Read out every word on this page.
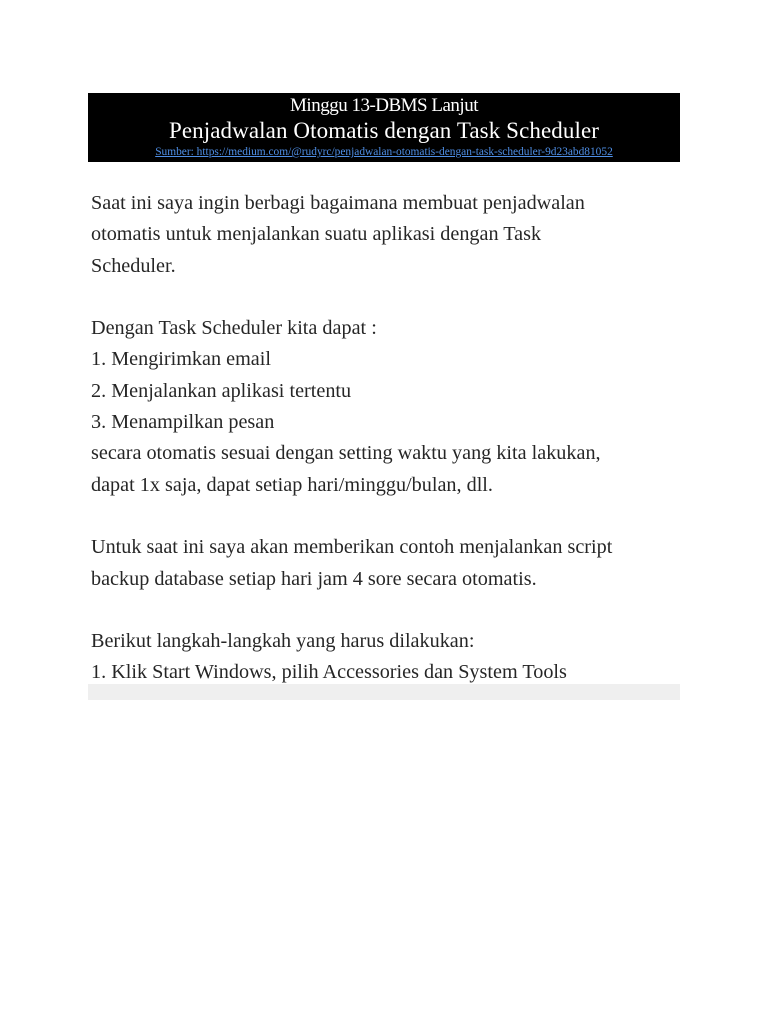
Minggu 13-DBMS Lanjut
Penjadwalan Otomatis dengan Task Scheduler
Sumber: https://medium.com/@rudyrc/penjadwalan-otomatis-dengan-task-scheduler-9d23abd81052

Saat ini saya ingin berbagi bagaimana membuat penjadwalan

otomatis untuk menjalankan suatu aplikasi dengan Task

Scheduler.

Dengan Task Scheduler kita dapat :

1. Mengirimkan email

2. Menjalankan aplikasi tertentu

3. Menampilkan pesan

secara otomatis sesuai dengan setting waktu yang kita lakukan,

dapat 1x saja, dapat setiap hari/minggu/bulan, dll.

Untuk saat ini saya akan memberikan contoh menjalankan script

backup database setiap hari jam 4 sore secara otomatis.

Berikut langkah-langkah yang harus dilakukan:

1. Klik Start Windows, pilih Accessories dan System Tools
